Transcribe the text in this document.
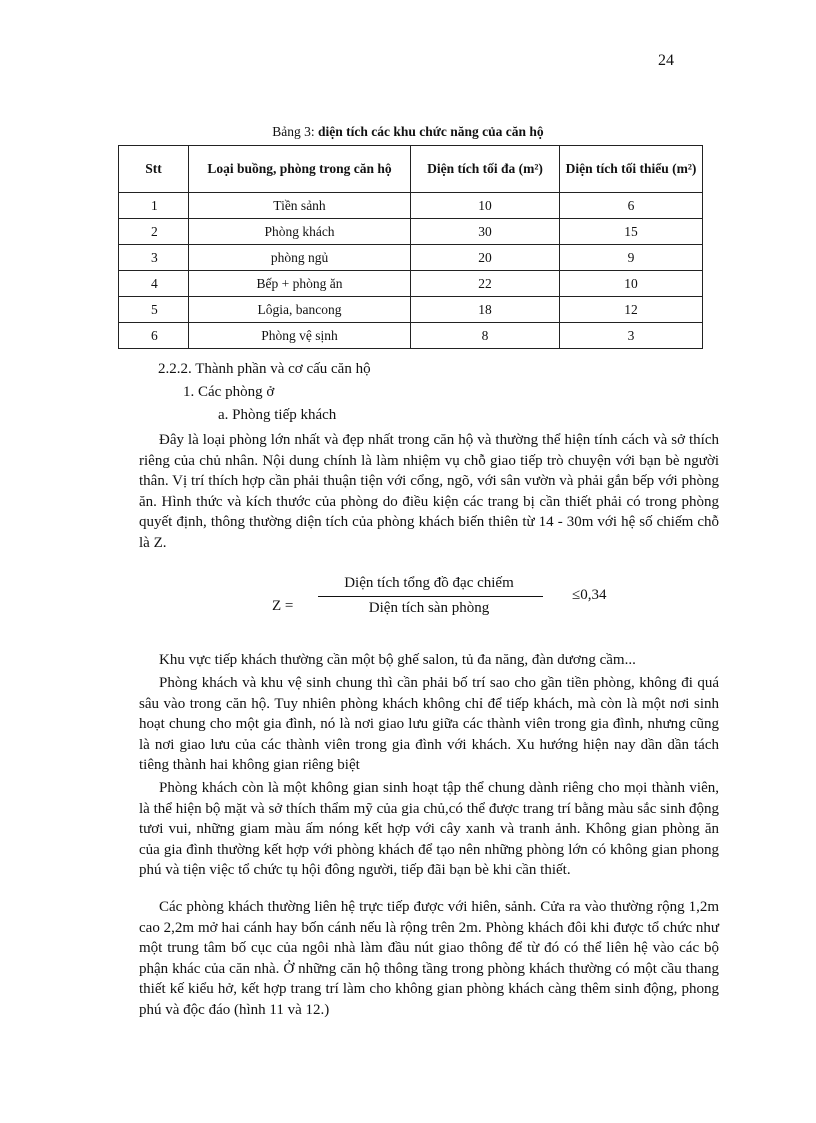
24
Bảng 3: diện tích các khu chức năng của căn hộ
Stt	Loại buồng, phòng trong căn hộ	Diện tích tối đa (m²)	Diện tích tối thiểu (m²)
1	Tiền sảnh	10	6
2	Phòng khách	30	15
3	phòng ngủ	20	9
4	Bếp + phòng ăn	22	10
5	Lôgia, bancong	18	12
6	Phòng vệ sịnh	8	3
2.2.2. Thành phần và cơ cấu căn hộ
1. Các phòng ở
a. Phòng tiếp khách

Đây là loại phòng lớn nhất và đẹp nhất trong căn hộ và thường thể hiện tính cách và sở thích riêng của chủ nhân. Nội dung chính là làm nhiệm vụ chỗ giao tiếp trò chuyện với bạn bè người thân. Vị trí thích hợp cần phải thuận tiện với cổng, ngõ, với sân vườn và phải gắn bếp với phòng ăn. Hình thức và kích thước của phòng do điều kiện các trang bị cần thiết phải có trong phòng quyết định, thông thường diện tích của phòng khách biến thiên từ 14 - 30m với hệ số chiếm chỗ là Z.

Z =
Diện tích tổng đồ đạc chiếm
Diện tích sàn phòng
≤0,34

Khu vực tiếp khách thường cần một bộ ghế salon, tủ đa năng, đàn dương cầm...

Phòng khách và khu vệ sinh chung thì cần phải bố trí sao cho gần tiền phòng, không đi quá sâu vào trong căn hộ. Tuy nhiên phòng khách không chỉ để tiếp khách, mà còn là một nơi sinh hoạt chung cho một gia đình, nó là nơi giao lưu giữa các thành viên trong gia đình, nhưng cũng là nơi giao lưu của các thành viên trong gia đình với khách. Xu hướng hiện nay dần dần tách tiêng thành hai không gian riêng biệt

Phòng khách còn là một không gian sinh hoạt tập thể chung dành riêng cho mọi thành viên, là thể hiện bộ mặt và sở thích thẩm mỹ của gia chủ,có thể được trang trí bằng màu sắc sinh động tươi vui, những giam màu ấm nóng kết hợp với cây xanh và tranh ảnh. Không gian phòng ăn của gia đình thường kết hợp với phòng khách để tạo nên những phòng lớn có không gian phong phú và tiện việc tổ chức tụ hội đông người, tiếp đãi bạn bè khi cần thiết.

Các phòng khách thường liên hệ trực tiếp được với hiên, sảnh. Cửa ra vào thường rộng 1,2m cao 2,2m mở hai cánh hay bốn cánh nếu là rộng trên 2m. Phòng khách đôi khi được tổ chức như một trung tâm bố cục của ngôi nhà làm đầu nút giao thông để từ đó có thể liên hệ vào các bộ phận khác của căn nhà. Ở những căn hộ thông tầng trong phòng khách thường có một cầu thang thiết kế kiểu hở, kết hợp trang trí làm cho không gian phòng khách càng thêm sinh động, phong phú và độc đáo (hình 11 và 12.)
